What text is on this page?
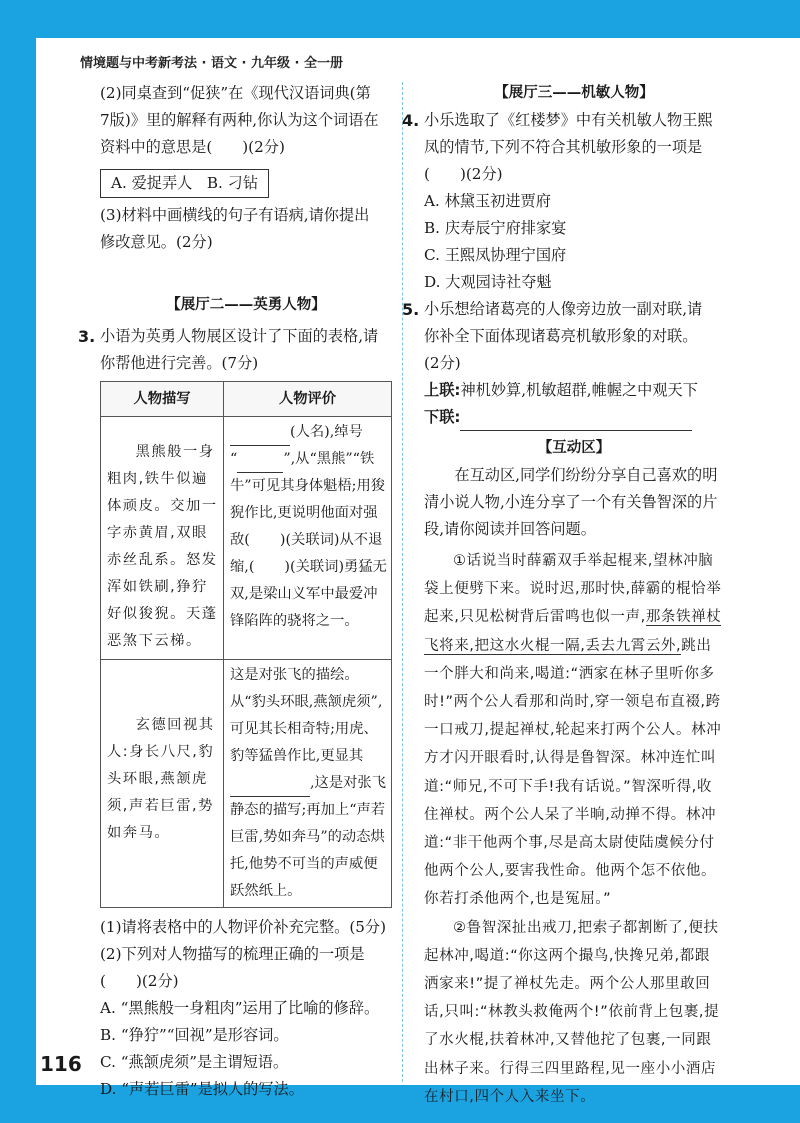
情境题与中考新考法 · 语文 · 九年级 · 全一册

(2)同桌查到“促狭”在《现代汉语词典(第

7版)》里的解释有两种,你认为这个词语在

资料中的意思是( )(2分)

A. 爱捉弄人 B. 刁钻

(3)材料中画横线的句子有语病,请你提出

修改意见。(2分)

【展厅二——英勇人物】

3. 小语为英勇人物展区设计了下面的表格,请

你帮他进行完善。(7分)

人物描写	人物评价
黑熊般一身粗肉,铁牛似遍体顽皮。交加一字赤黄眉,双眼赤丝乱系。怒发浑如铁刷,狰狞好似狻猊。天蓬恶煞下云梯。	(人名),绰号
“ ”,从“黑熊”“铁牛”可见其身体魁梧;用狻猊作比,更说明他面对强敌( )(关联词)从不退缩,( )(关联词)勇猛无双,是梁山义军中最爱冲锋陷阵的骁将之一。
玄德回视其人:身长八尺,豹头环眼,燕颔虎须,声若巨雷,势如奔马。	这是对张飞的描绘。从“豹头环眼,燕颔虎须”,可见其长相奇特;用虎、豹等猛兽作比,更显其
,这是对张飞静态的描写;再加上“声若巨雷,势如奔马”的动态烘托,他势不可当的声威便跃然纸上。

(1)请将表格中的人物评价补充完整。(5分)

(2)下列对人物描写的梳理正确的一项是

( )(2分)

A. “黑熊般一身粗肉”运用了比喻的修辞。

B. “狰狞”“回视”是形容词。

C. “燕颔虎须”是主谓短语。

D. “声若巨雷”是拟人的写法。

【展厅三——机敏人物】

4. 小乐选取了《红楼梦》中有关机敏人物王熙

凤的情节,下列不符合其机敏形象的一项是

( )(2分)

A. 林黛玉初进贾府

B. 庆寿辰宁府排家宴

C. 王熙凤协理宁国府

D. 大观园诗社夺魁

5. 小乐想给诸葛亮的人像旁边放一副对联,请

你补全下面体现诸葛亮机敏形象的对联。

(2分)

上联:神机妙算,机敏超群,帷幄之中观天下

下联:

【互动区】

在互动区,同学们纷纷分享自己喜欢的明清小说人物,小连分享了一个有关鲁智深的片段,请你阅读并回答问题。

①话说当时薛霸双手举起棍来,望林冲脑袋上便劈下来。说时迟,那时快,薛霸的棍恰举起来,只见松树背后雷鸣也似一声,那条铁禅杖飞将来,把这水火棍一隔,丢去九霄云外,跳出一个胖大和尚来,喝道:“洒家在林子里听你多时!”两个公人看那和尚时,穿一领皂布直裰,跨一口戒刀,提起禅杖,轮起来打两个公人。林冲方才闪开眼看时,认得是鲁智深。林冲连忙叫道:“师兄,不可下手!我有话说。”智深听得,收住禅杖。两个公人呆了半晌,动掸不得。林冲道:“非干他两个事,尽是高太尉使陆虞候分付他两个公人,要害我性命。他两个怎不依他。你若打杀他两个,也是冤屈。”

②鲁智深扯出戒刀,把索子都割断了,便扶起林冲,喝道:“你这两个撮鸟,快搀兄弟,都跟洒家来!”提了禅杖先走。两个公人那里敢回话,只叫:“林教头救俺两个!”依前背上包裹,提了水火棍,扶着林冲,又替他拕了包裹,一同跟出林子来。行得三四里路程,见一座小小酒店在村口,四个人入来坐下。

116
